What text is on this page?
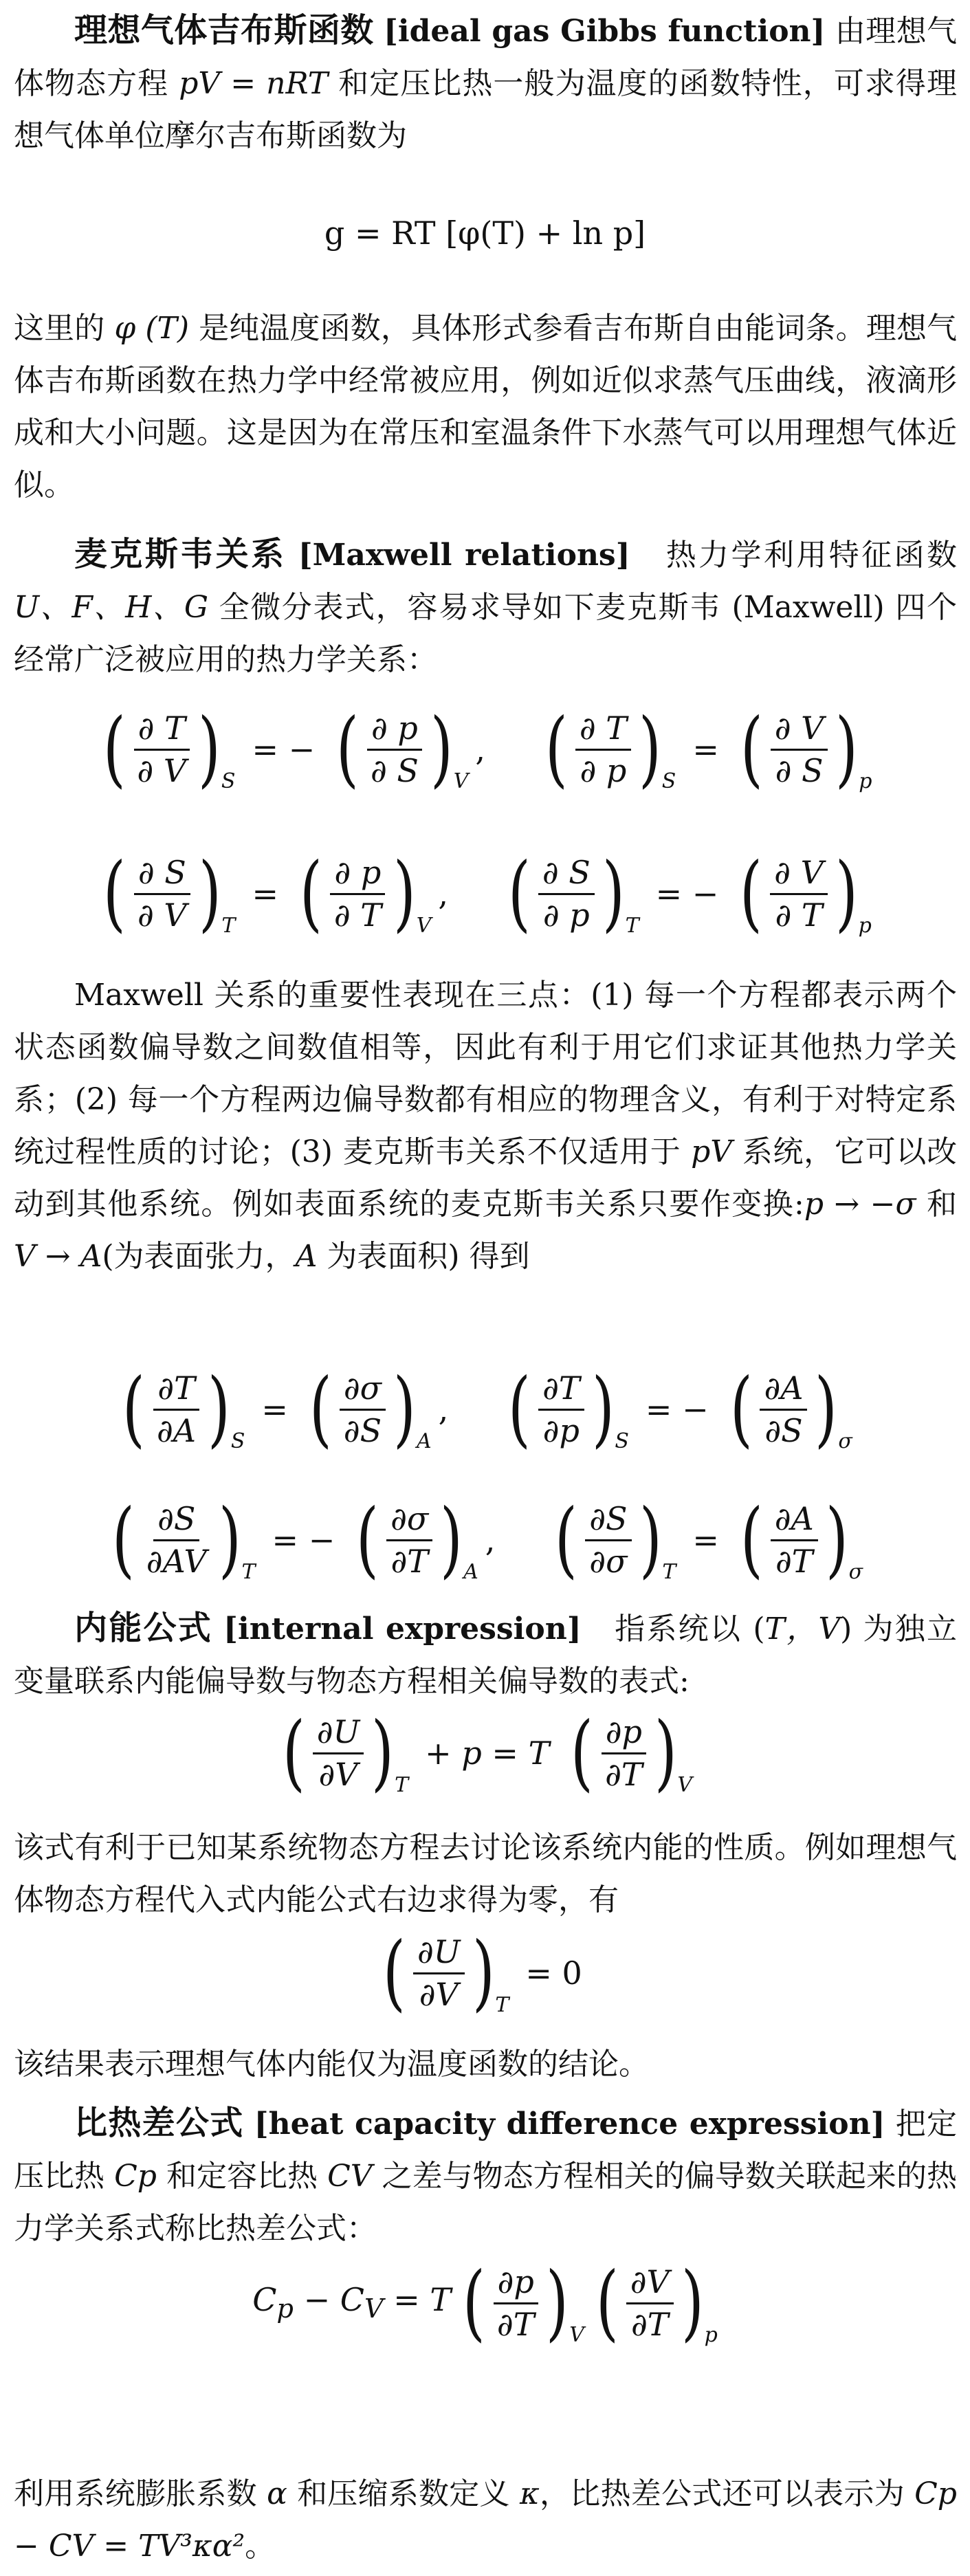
理想气体吉布斯函数 [ideal gas Gibbs function] 由理想气体物态方程 pV = nRT 和定压比热一般为温度的函数特性，可求得理想气体单位摩尔吉布斯函数为
g = RT [φ(T) + ln p]
这里的 φ (T) 是纯温度函数，具体形式参看吉布斯自由能词条。理想气体吉布斯函数在热力学中经常被应用，例如近似求蒸气压曲线，液滴形成和大小问题。这是因为在常压和室温条件下水蒸气可以用理想气体近似。
麦克斯韦关系 [Maxwell relations] 热力学利用特征函数 U、F、H、G 全微分表式，容易求导如下麦克斯韦 (Maxwell) 四个经常广泛被应用的热力学关系：
( $\frac{\partial T}{\partial V}$ ) S
= − ( $\frac{\partial p}{\partial S}$ ) V
, ( $\frac{\partial T}{\partial p}$ ) S
= ( $\frac{\partial V}{\partial S}$ ) p
( $\frac{\partial S}{\partial V}$ ) T
= ( $\frac{\partial p}{\partial T}$ ) V
, ( $\frac{\partial S}{\partial p}$ ) T
= − ( $\frac{\partial V}{\partial T}$ ) p
Maxwell 关系的重要性表现在三点：(1) 每一个方程都表示两个状态函数偏导数之间数值相等，因此有利于用它们求证其他热力学关系；(2) 每一个方程两边偏导数都有相应的物理含义，有利于对特定系统过程性质的讨论；(3) 麦克斯韦关系不仅适用于 pV 系统，它可以改动到其他系统。例如表面系统的麦克斯韦关系只要作变换:p → −σ 和 V → A(为表面张力，A 为表面积) 得到
( $\frac{\partial T}{\partial A}$ ) S
= ( $\frac{\partial\sigma}{\partial S}$ ) A
, ( $\frac{\partial T}{\partial p}$ ) S
= − ( $\frac{\partial A}{\partial S}$ ) σ
( $\frac{\partial S}{\partial AV}$ ) T
= − ( $\frac{\partial\sigma}{\partial T}$ ) A
, ( $\frac{\partial S}{\partial\sigma}$ ) T
= ( $\frac{\partial A}{\partial T}$ ) σ
内能公式 [internal expression] 指系统以 (T，V) 为独立变量联系内能偏导数与物态方程相关偏导数的表式:
( $\frac{\partial U}{\partial V}$ ) T
+ p = T ( $\frac{\partial p}{\partial T}$ ) V
该式有利于已知某系统物态方程去讨论该系统内能的性质。例如理想气体物态方程代入式内能公式右边求得为零，有
( $\frac{\partial U}{\partial V}$ ) T
= 0
该结果表示理想气体内能仅为温度函数的结论。
比热差公式 [heat capacity difference expression] 把定压比热 Cp 和定容比热 CV 之差与物态方程相关的偏导数关联起来的热力学关系式称比热差公式：
$C_p - C_V = T$ ( $\frac{\partial p}{\partial T}$ ) V ( $\frac{\partial V}{\partial T}$ ) p
利用系统膨胀系数 α 和压缩系数定义 κ，比热差公式还可以表示为 Cp − CV = TV³κα²。
